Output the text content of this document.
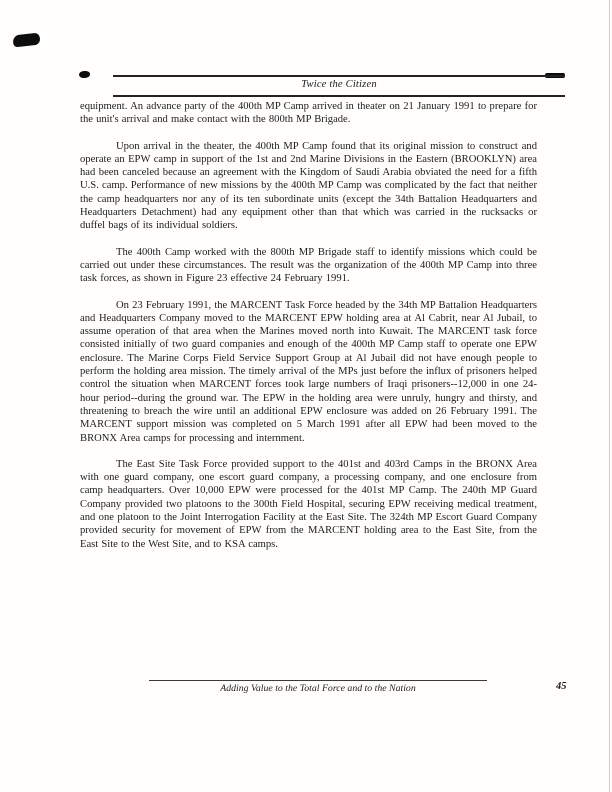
Twice the Citizen

equipment. An advance party of the 400th MP Camp arrived in theater on 21 January 1991 to prepare for the unit's arrival and make contact with the 800th MP Brigade.

Upon arrival in the theater, the 400th MP Camp found that its original mission to construct and operate an EPW camp in support of the 1st and 2nd Marine Divisions in the Eastern (BROOKLYN) area had been canceled because an agreement with the Kingdom of Saudi Arabia obviated the need for a fifth U.S. camp. Performance of new missions by the 400th MP Camp was complicated by the fact that neither the camp headquarters nor any of its ten subordinate units (except the 34th Battalion Headquarters and Headquarters Detachment) had any equipment other than that which was carried in the rucksacks or duffel bags of its individual soldiers.

The 400th Camp worked with the 800th MP Brigade staff to identify missions which could be carried out under these circumstances. The result was the organization of the 400th MP Camp into three task forces, as shown in Figure 23 effective 24 February 1991.

On 23 February 1991, the MARCENT Task Force headed by the 34th MP Battalion Headquarters and Headquarters Company moved to the MARCENT EPW holding area at Al Cabrit, near Al Jubail, to assume operation of that area when the Marines moved north into Kuwait. The MARCENT task force consisted initially of two guard companies and enough of the 400th MP Camp staff to operate one EPW enclosure. The Marine Corps Field Service Support Group at Al Jubail did not have enough people to perform the holding area mission. The timely arrival of the MPs just before the influx of prisoners helped control the situation when MARCENT forces took large numbers of Iraqi prisoners--12,000 in one 24-hour period--during the ground war. The EPW in the holding area were unruly, hungry and thirsty, and threatening to breach the wire until an additional EPW enclosure was added on 26 February 1991. The MARCENT support mission was completed on 5 March 1991 after all EPW had been moved to the BRONX Area camps for processing and internment.

The East Site Task Force provided support to the 401st and 403rd Camps in the BRONX Area with one guard company, one escort guard company, a processing company, and one enclosure from camp headquarters. Over 10,000 EPW were processed for the 401st MP Camp. The 240th MP Guard Company provided two platoons to the 300th Field Hospital, securing EPW receiving medical treatment, and one platoon to the Joint Interrogation Facility at the East Site. The 324th MP Escort Guard Company provided security for movement of EPW from the MARCENT holding area to the East Site, from the East Site to the West Site, and to KSA camps.

Adding Value to the Total Force and to the Nation	45
